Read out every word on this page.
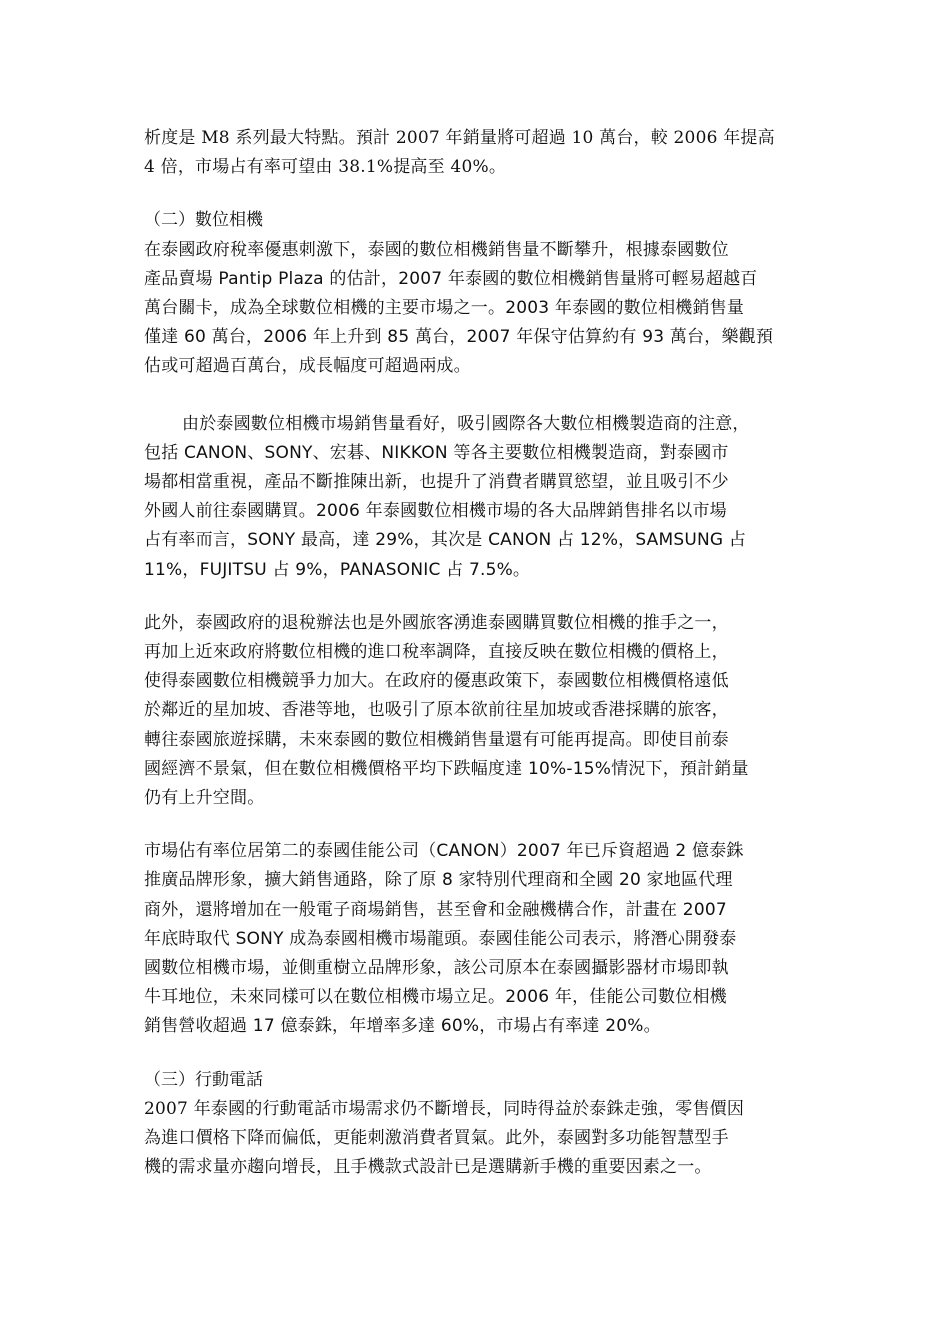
析度是 M8 系列最大特點。預計 2007 年銷量將可超過 10 萬台，較 2006 年提高
4 倍，市場占有率可望由 38.1%提高至 40%。
（二）數位相機
在泰國政府稅率優惠刺激下，泰國的數位相機銷售量不斷攀升，根據泰國數位
產品賣場 Pantip Plaza 的估計，2007 年泰國的數位相機銷售量將可輕易超越百
萬台關卡，成為全球數位相機的主要市場之一。2003 年泰國的數位相機銷售量
僅達 60 萬台，2006 年上升到 85 萬台，2007 年保守估算約有 93 萬台，樂觀預
估或可超過百萬台，成長幅度可超過兩成。
由於泰國數位相機市場銷售量看好，吸引國際各大數位相機製造商的注意，
包括 CANON、SONY、宏碁、NIKKON 等各主要數位相機製造商，對泰國市
場都相當重視，產品不斷推陳出新，也提升了消費者購買慾望，並且吸引不少
外國人前往泰國購買。2006 年泰國數位相機市場的各大品牌銷售排名以市場
占有率而言，SONY 最高，達 29%，其次是 CANON 占 12%，SAMSUNG 占
11%，FUJITSU 占 9%，PANASONIC 占 7.5%。
此外，泰國政府的退稅辦法也是外國旅客湧進泰國購買數位相機的推手之一，
再加上近來政府將數位相機的進口稅率調降，直接反映在數位相機的價格上，
使得泰國數位相機競爭力加大。在政府的優惠政策下，泰國數位相機價格遠低
於鄰近的星加坡、香港等地，也吸引了原本欲前往星加坡或香港採購的旅客，
轉往泰國旅遊採購，未來泰國的數位相機銷售量還有可能再提高。即使目前泰
國經濟不景氣，但在數位相機價格平均下跌幅度達 10%-15%情況下，預計銷量
仍有上升空間。
市場佔有率位居第二的泰國佳能公司（CANON）2007 年已斥資超過 2 億泰銖
推廣品牌形象，擴大銷售通路，除了原 8 家特別代理商和全國 20 家地區代理
商外，還將增加在一般電子商場銷售，甚至會和金融機構合作，計畫在 2007
年底時取代 SONY 成為泰國相機市場龍頭。泰國佳能公司表示，將潛心開發泰
國數位相機市場，並側重樹立品牌形象，該公司原本在泰國攝影器材市場即執
牛耳地位，未來同樣可以在數位相機市場立足。2006 年，佳能公司數位相機
銷售營收超過 17 億泰銖，年增率多達 60%，市場占有率達 20%。
（三）行動電話
2007 年泰國的行動電話市場需求仍不斷增長，同時得益於泰銖走強，零售價因
為進口價格下降而偏低，更能刺激消費者買氣。此外，泰國對多功能智慧型手
機的需求量亦趨向增長，且手機款式設計已是選購新手機的重要因素之一。
